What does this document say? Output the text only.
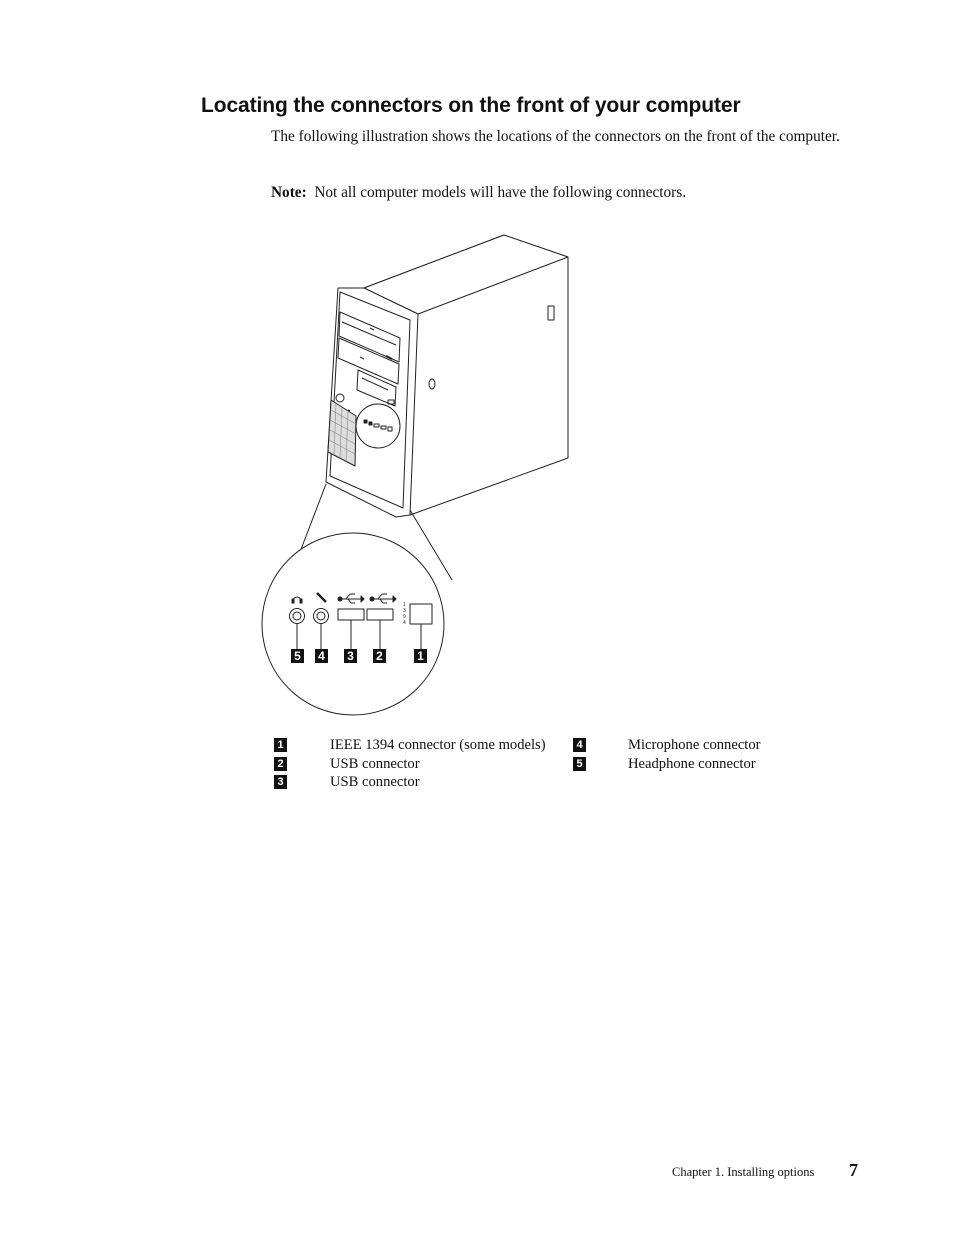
Locating the connectors on the front of your computer

The following illustration shows the locations of the connectors on the front of the computer.

Note: Not all computer models will have the following connectors.

1
3
9
4
5 4 3 2	1
1	IEEE 1394 connector (some models)
2	USB connector
3	USB connector
4	Microphone connector
5	Headphone connector
Chapter 1. Installing options 7
